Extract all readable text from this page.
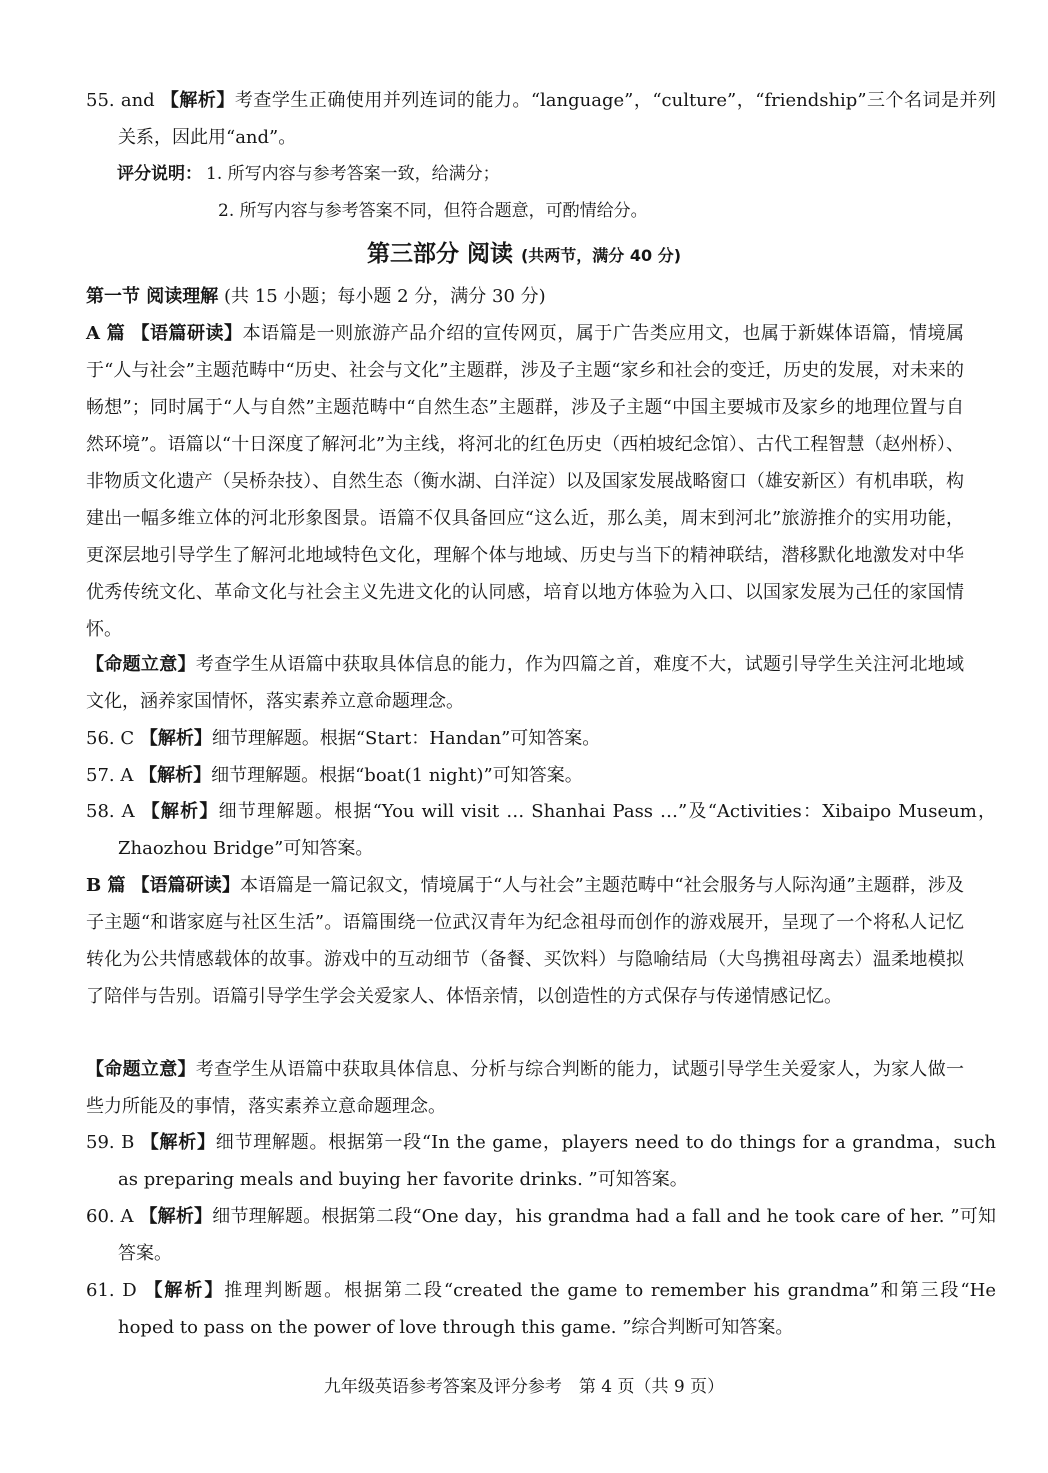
55. and 【解析】考查学生正确使用并列连词的能力。“language”，“culture”，“friendship”三个名词是并列关系，因此用“and”。

评分说明： 1. 所写内容与参考答案一致，给满分；
2. 所写内容与参考答案不同，但符合题意，可酌情给分。
第三部分 阅读 (共两节，满分 40 分)

第一节 阅读理解 (共 15 小题；每小题 2 分，满分 30 分)

A 篇 【语篇研读】本语篇是一则旅游产品介绍的宣传网页，属于广告类应用文，也属于新媒体语篇，情境属于“人与社会”主题范畴中“历史、社会与文化”主题群，涉及子主题“家乡和社会的变迁，历史的发展，对未来的畅想”；同时属于“人与自然”主题范畴中“自然生态”主题群，涉及子主题“中国主要城市及家乡的地理位置与自然环境”。语篇以“十日深度了解河北”为主线，将河北的红色历史（西柏坡纪念馆）、古代工程智慧（赵州桥）、非物质文化遗产（吴桥杂技）、自然生态（衡水湖、白洋淀）以及国家发展战略窗口（雄安新区）有机串联，构建出一幅多维立体的河北形象图景。语篇不仅具备回应“这么近，那么美，周末到河北”旅游推介的实用功能，更深层地引导学生了解河北地域特色文化，理解个体与地域、历史与当下的精神联结，潜移默化地激发对中华优秀传统文化、革命文化与社会主义先进文化的认同感，培育以地方体验为入口、以国家发展为己任的家国情怀。

【命题立意】考查学生从语篇中获取具体信息的能力，作为四篇之首，难度不大，试题引导学生关注河北地域文化，涵养家国情怀，落实素养立意命题理念。

56. C 【解析】细节理解题。根据“Start：Handan”可知答案。

57. A 【解析】细节理解题。根据“boat(1 night)”可知答案。

58. A 【解析】细节理解题。根据“You will visit … Shanhai Pass …”及“Activities：Xibaipo Museum，Zhaozhou Bridge”可知答案。

B 篇 【语篇研读】本语篇是一篇记叙文，情境属于“人与社会”主题范畴中“社会服务与人际沟通”主题群，涉及子主题“和谐家庭与社区生活”。语篇围绕一位武汉青年为纪念祖母而创作的游戏展开，呈现了一个将私人记忆转化为公共情感载体的故事。游戏中的互动细节（备餐、买饮料）与隐喻结局（大鸟携祖母离去）温柔地模拟了陪伴与告别。语篇引导学生学会关爱家人、体悟亲情，以创造性的方式保存与传递情感记忆。

【命题立意】考查学生从语篇中获取具体信息、分析与综合判断的能力，试题引导学生关爱家人，为家人做一些力所能及的事情，落实素养立意命题理念。

59. B 【解析】细节理解题。根据第一段“In the game，players need to do things for a grandma，such as preparing meals and buying her favorite drinks. ”可知答案。

60. A 【解析】细节理解题。根据第二段“One day，his grandma had a fall and he took care of her. ”可知答案。

61. D 【解析】推理判断题。根据第二段“created the game to remember his grandma”和第三段“He hoped to pass on the power of love through this game. ”综合判断可知答案。

九年级英语参考答案及评分参考　第 4 页（共 9 页）
